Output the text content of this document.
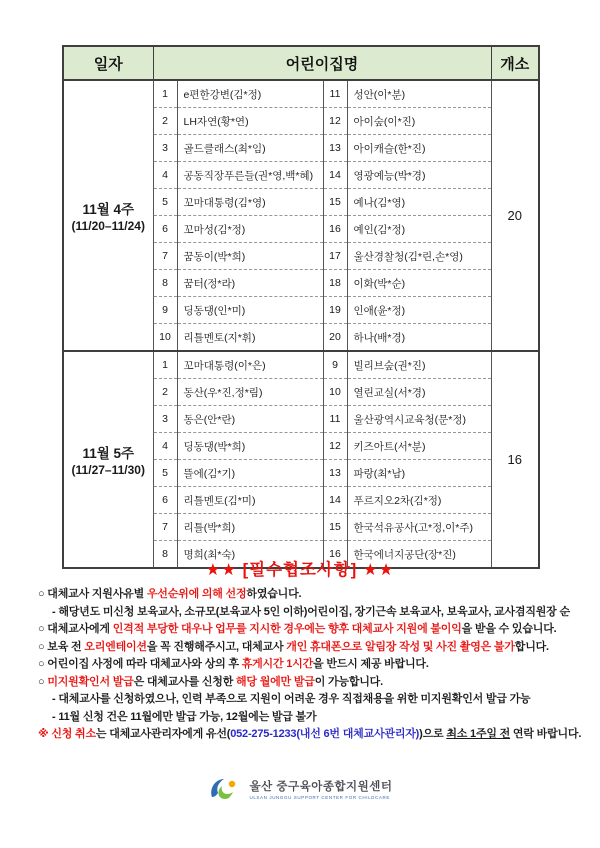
일자	어린이집명				개소

11월 4주
(11/20–11/24)	1	e편한강변(김*정)	11	성안(이*분)	20
	2	LH자연(황*연)	12	아이숲(이*진)	
	3	골드클래스(최*임)	13	아이캐슬(한*진)	
	4	공동직장푸른들(권*영,백*혜)	14	영광예능(박*경)	
	5	꼬마대통령(김*영)	15	예나(김*영)	
	6	꼬마성(김*정)	16	예인(김*정)	
	7	꿈동이(박*희)	17	울산경찰청(김*린,손*영)	
	8	꿈터(정*라)	18	이화(박*순)	
	9	딩동댕(인*미)	19	인애(윤*정)	
	10	리틀멘토(지*휘)	20	하나(배*경)	

11월 5주
(11/27–11/30)	1	꼬마대통령(이*은)	9	빌리브숲(권*진)	16
	2	동산(우*진,정*림)	10	열린교실(서*경)	
	3	동은(안*란)	11	울산광역시교육청(문*정)	
	4	딩동댕(박*희)	12	키즈아트(서*분)	
	5	뜰에(김*기)	13	파랑(최*남)	
	6	리틀멘토(김*미)	14	푸르지오2차(김*정)	
	7	리틀(박*희)	15	한국석유공사(고*정,이*주)	
	8	명희(최*숙)	16	한국에너지공단(장*진)	
★★ [필수협조사항] ★★
○ 대체교사 지원사유별 우선순위에 의해 선정하였습니다.
- 해당년도 미신청 보육교사, 소규모(보육교사 5인 이하)어린이집, 장기근속 보육교사, 보육교사, 교사겸직원장 순
○ 대체교사에게 인격적 부당한 대우나 업무를 지시한 경우에는 향후 대체교사 지원에 불이익을 받을 수 있습니다.
○ 보육 전 오리엔테이션을 꼭 진행해주시고, 대체교사 개인 휴대폰으로 알림장 작성 및 사진 촬영은 불가합니다.
○ 어린이집 사정에 따라 대체교사와 상의 후 휴게시간 1시간을 반드시 제공 바랍니다.
○ 미지원확인서 발급은 대체교사를 신청한 해당 월에만 발급이 가능합니다.
- 대체교사를 신청하였으나, 인력 부족으로 지원이 어려운 경우 직접채용을 위한 미지원확인서 발급 가능
- 11월 신청 건은 11월에만 발급 가능, 12월에는 발급 불가
※ 신청 취소는 대체교사관리자에게 유선(052-275-1233(내선 6번 대체교사관리자))으로 최소 1주일 전 연락 바랍니다.
울산 중구육아종합지원센터
ULSAN JUNGGU SUPPORT CENTER FOR CHILDCARE
